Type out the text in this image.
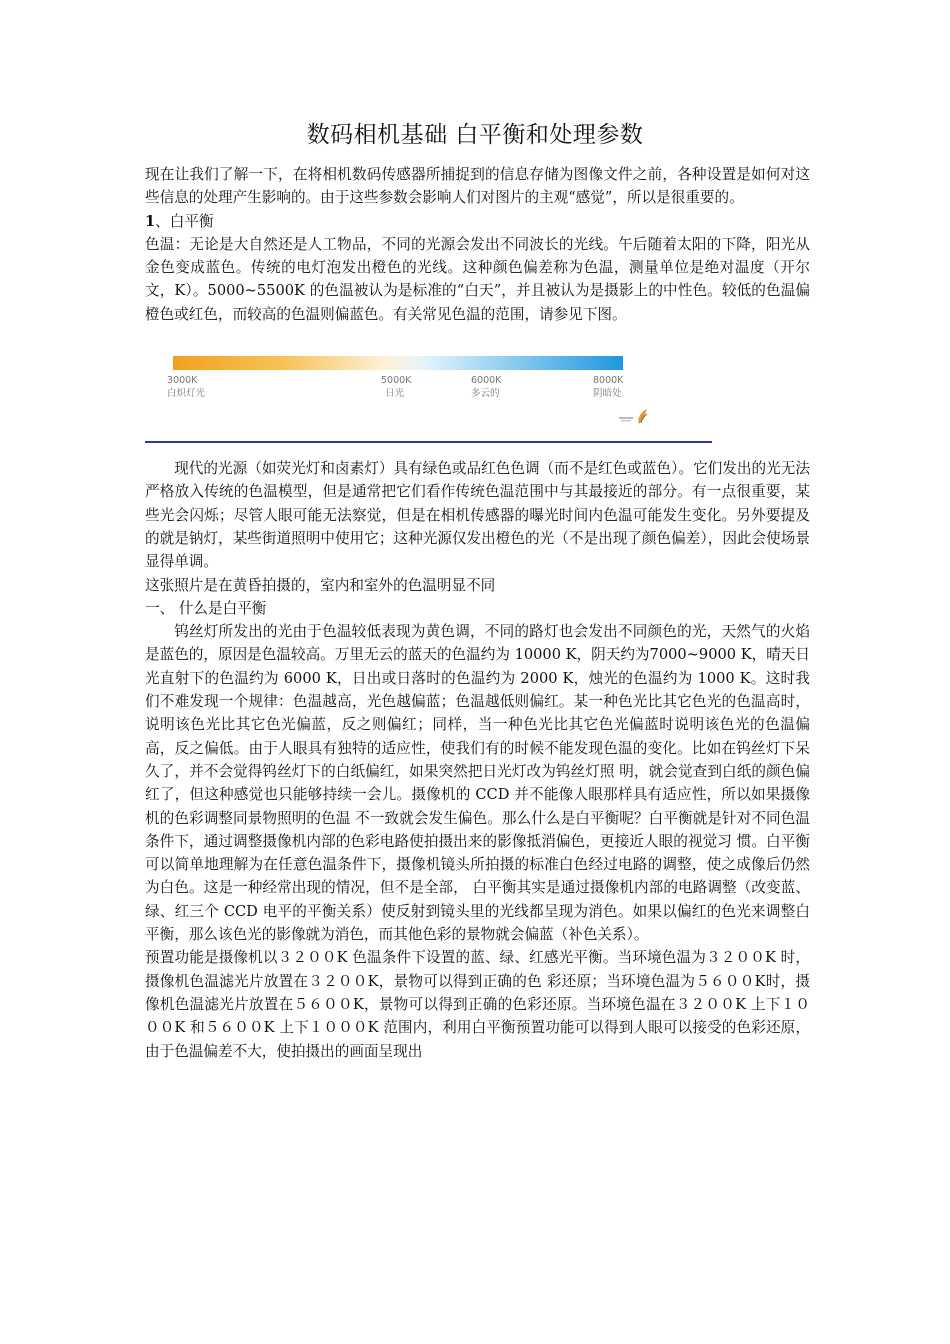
数码相机基础 白平衡和处理参数

现在让我们了解一下，在将相机数码传感器所捕捉到的信息存储为图像文件之前，各种设置是如何对这些信息的处理产生影响的。由于这些参数会影响人们对图片的主观“感觉”，所以是很重要的。

1、白平衡

色温：无论是大自然还是人工物品，不同的光源会发出不同波长的光线。午后随着太阳的下降，阳光从金色变成蓝色。传统的电灯泡发出橙色的光线。这种颜色偏差称为色温，测量单位是绝对温度（开尔文，K）。5000~5500K 的色温被认为是标准的“白天”，并且被认为是摄影上的中性色。较低的色温偏橙色或红色，而较高的色温则偏蓝色。有关常见色温的范围，请参见下图。

3000K
白炽灯光
5000K
日光
6000K
多云的
8000K
阴暗处

现代的光源（如荧光灯和卤素灯）具有绿色或品红色色调（而不是红色或蓝色）。它们发出的光无法严格放入传统的色温模型，但是通常把它们看作传统色温范围中与其最接近的部分。有一点很重要，某些光会闪烁；尽管人眼可能无法察觉，但是在相机传感器的曝光时间内色温可能发生变化。另外要提及的就是钠灯，某些街道照明中使用它；这种光源仅发出橙色的光（不是出现了颜色偏差），因此会使场景显得单调。

这张照片是在黄昏拍摄的，室内和室外的色温明显不同

一、 什么是白平衡

钨丝灯所发出的光由于色温较低表现为黄色调，不同的路灯也会发出不同颜色的光，天然气的火焰是蓝色的，原因是色温较高。万里无云的蓝天的色温约为 10000 K，阴天约为7000~9000 K，晴天日光直射下的色温约为 6000 K，日出或日落时的色温约为 2000 K，烛光的色温约为 1000 K。这时我们不难发现一个规律：色温越高，光色越偏蓝；色温越低则偏红。某一种色光比其它色光的色温高时，说明该色光比其它色光偏蓝，反之则偏红；同样，当一种色光比其它色光偏蓝时说明该色光的色温偏高，反之偏低。由于人眼具有独特的适应性，使我们有的时候不能发现色温的变化。比如在钨丝灯下呆久了，并不会觉得钨丝灯下的白纸偏红，如果突然把日光灯改为钨丝灯照 明，就会觉查到白纸的颜色偏红了，但这种感觉也只能够持续一会儿。摄像机的 CCD 并不能像人眼那样具有适应性，所以如果摄像机的色彩调整同景物照明的色温 不一致就会发生偏色。那么什么是白平衡呢？白平衡就是针对不同色温条件下，通过调整摄像机内部的色彩电路使拍摄出来的影像抵消偏色，更接近人眼的视觉习 惯。白平衡可以简单地理解为在任意色温条件下，摄像机镜头所拍摄的标准白色经过电路的调整，使之成像后仍然为白色。这是一种经常出现的情况，但不是全部， 白平衡其实是通过摄像机内部的电路调整（改变蓝、绿、红三个 CCD 电平的平衡关系）使反射到镜头里的光线都呈现为消色。如果以偏红的色光来调整白平衡，那么该色光的影像就为消色，而其他色彩的景物就会偏蓝（补色关系）。

预置功能是摄像机以３２００K 色温条件下设置的蓝、绿、红感光平衡。当环境色温为３２００K 时，摄像机色温滤光片放置在３２００K，景物可以得到正确的色 彩还原；当环境色温为５６００K时，摄像机色温滤光片放置在５６００K，景物可以得到正确的色彩还原。当环境色温在３２００K 上下１０００K 和５６００K 上下１０００K 范围内，利用白平衡预置功能可以得到人眼可以接受的色彩还原，由于色温偏差不大，使拍摄出的画面呈现出
